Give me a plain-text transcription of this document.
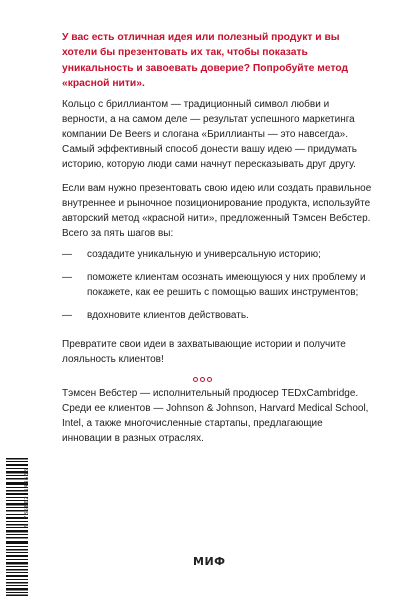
У вас есть отличная идея или полезный продукт и вы хотели бы презентовать их так, чтобы показать уникальность и завоевать доверие? Попробуйте метод «красной нити».

Кольцо с бриллиантом — традиционный символ любви и верности, а на самом деле — результат успешного маркетинга компании De Beers и слогана «Бриллианты — это навсегда». Самый эффективный способ донести вашу идею — придумать историю, которую люди сами начнут пересказывать друг другу.

Если вам нужно презентовать свою идею или создать правильное внутреннее и рыночное позиционирование продукта, используйте авторский метод «красной нити», предложенный Тэмсен Вебстер. Всего за пять шагов вы:

— создадите уникальную и универсальную историю;
— поможете клиентам осознать имеющуюся у них проблему и покажете, как ее решить с помощью ваших инструментов;
— вдохновите клиентов действовать.

Превратите свои идеи в захватывающие истории и получите лояльность клиентов!

Тэмсен Вебстер — исполнительный продюсер TEDxCambridge. Среди ее клиентов — Johnson & Johnson, Harvard Medical School, Intel, а также многочисленные стартапы, предлагающие инновации в разных отраслях.

9 785002 148668
МИФ
